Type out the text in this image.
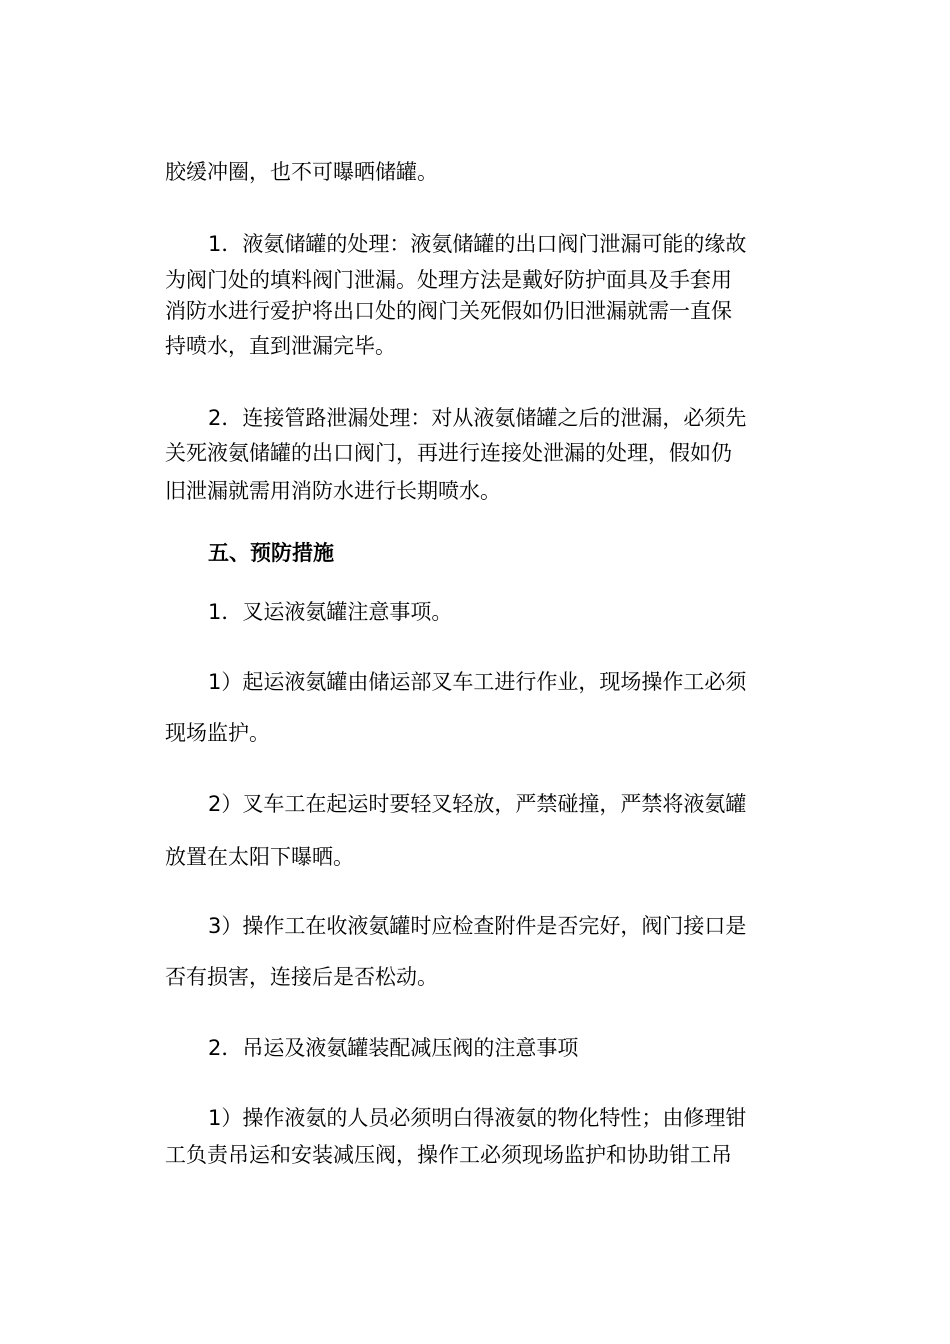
胶缓冲圈，也不可曝晒储罐。
1．液氨储罐的处理：液氨储罐的出口阀门泄漏可能的缘故
为阀门处的填料阀门泄漏。处理方法是戴好防护面具及手套用
消防水进行爱护将出口处的阀门关死假如仍旧泄漏就需一直保
持喷水，直到泄漏完毕。
2．连接管路泄漏处理：对从液氨储罐之后的泄漏，必须先
关死液氨储罐的出口阀门，再进行连接处泄漏的处理，假如仍
旧泄漏就需用消防水进行长期喷水。
五、预防措施
1．叉运液氨罐注意事项。
1）起运液氨罐由储运部叉车工进行作业，现场操作工必须
现场监护。
2）叉车工在起运时要轻叉轻放，严禁碰撞，严禁将液氨罐
放置在太阳下曝晒。
3）操作工在收液氨罐时应检查附件是否完好，阀门接口是
否有损害，连接后是否松动。
2．吊运及液氨罐装配减压阀的注意事项
1）操作液氨的人员必须明白得液氨的物化特性；由修理钳
工负责吊运和安装减压阀，操作工必须现场监护和协助钳工吊
